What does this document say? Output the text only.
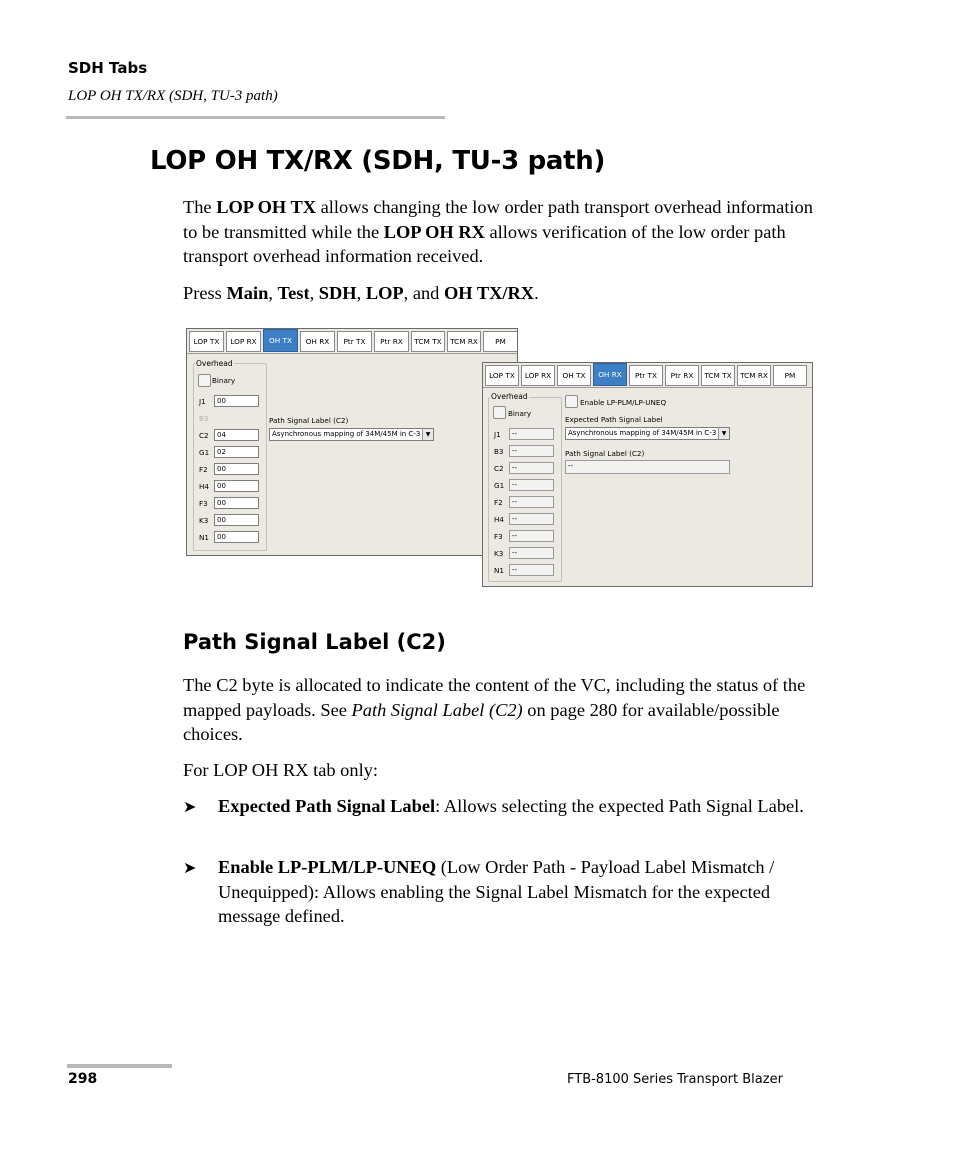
SDH Tabs
LOP OH TX/RX (SDH, TU-3 path)
LOP OH TX/RX (SDH, TU-3 path)
The LOP OH TX allows changing the low order path transport overhead information to be transmitted while the LOP OH RX allows verification of the low order path transport overhead information received.
Press Main, Test, SDH, LOP, and OH TX/RX.
LOP TX	LOP RX	OH TX	OH RX	Ptr TX	Ptr RX	TCM TX	TCM RX	PM
Overhead
Binary
J1	00
B3
C2	04
G1	02
F2	00
H4	00
F3	00
K3	00
N1	00
Path Signal Label (C2)
Asynchronous mapping of 34M/45M in C-3 ▼
LOP TX	LOP RX	OH TX	OH RX	Ptr TX	Ptr RX	TCM TX	TCM RX	PM
Overhead
Binary
J1	--
B3	--
C2	--
G1	--
F2	--
H4	--
F3	--
K3	--
N1	--
Enable LP-PLM/LP-UNEQ
Expected Path Signal Label
Asynchronous mapping of 34M/45M in C-3 ▼
Path Signal Label (C2)
--
Path Signal Label (C2)
The C2 byte is allocated to indicate the content of the VC, including the status of the mapped payloads. See Path Signal Label (C2) on page 280 for available/possible choices.
For LOP OH RX tab only:
➤ Expected Path Signal Label: Allows selecting the expected Path Signal Label.
➤ Enable LP-PLM/LP-UNEQ (Low Order Path - Payload Label Mismatch / Unequipped): Allows enabling the Signal Label Mismatch for the expected message defined.
298	FTB-8100 Series Transport Blazer
